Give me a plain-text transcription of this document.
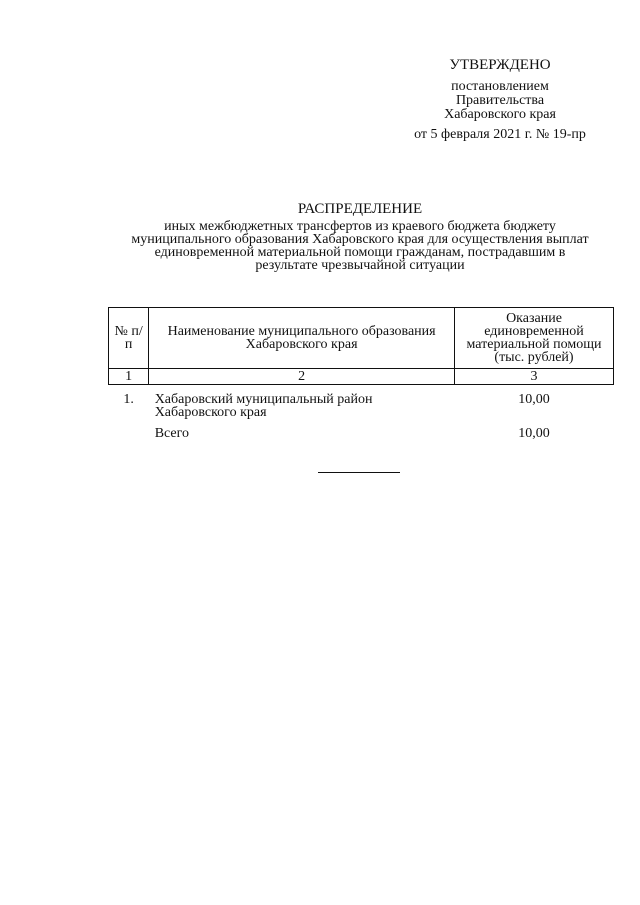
УТВЕРЖДЕНО
постановлением
Правительства
Хабаровского края
от 5 февраля 2021 г. № 19-пр
РАСПРЕДЕЛЕНИЕ
иных межбюджетных трансфертов из краевого бюджета бюджету муниципального образования Хабаровского края для осуществления выплат единовременной материальной помощи гражданам, пострадавшим в результате чрезвычайной ситуации
№ п/п	Наименование муниципального образования Хабаровского края	Оказание единовременной материальной помощи (тыс. рублей)
1	2	3
1.	Хабаровский муниципальный район Хабаровского края	10,00
	Всего	10,00
